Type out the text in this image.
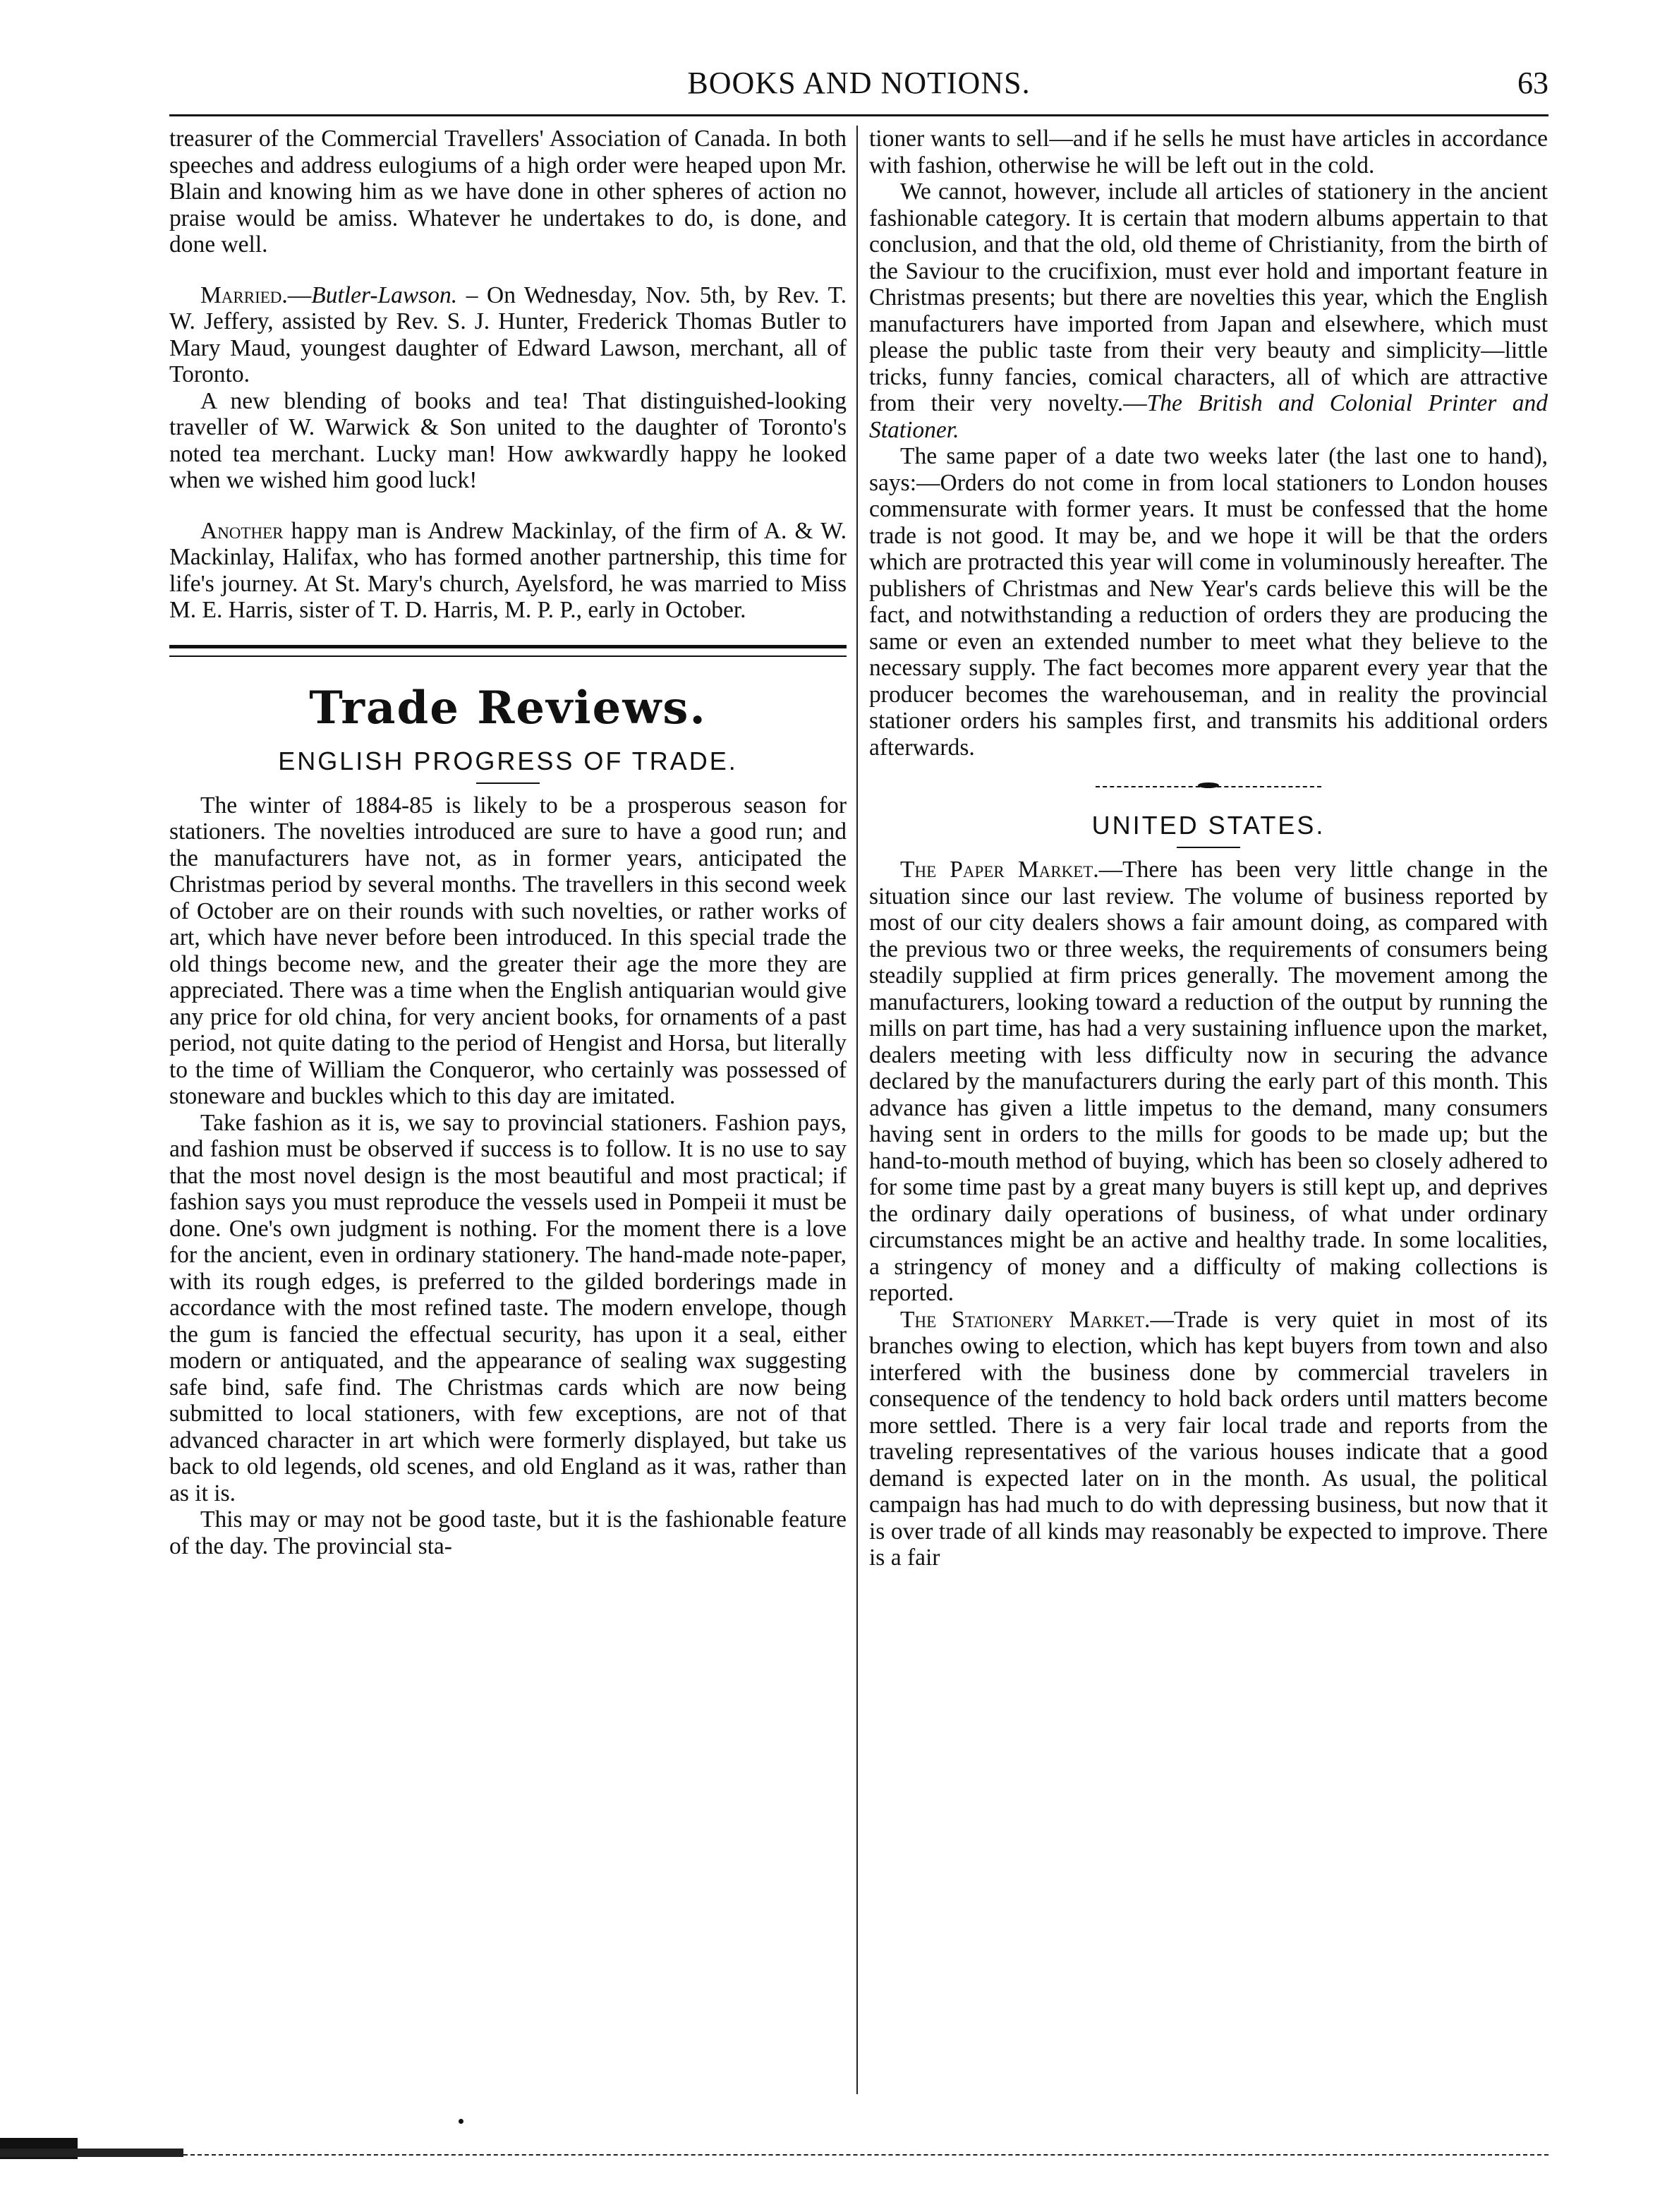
BOOKS AND NOTIONS.	63

treasurer of the Commercial Travellers' Association of Canada. In both speeches and address eulogiums of a high order were heaped upon Mr. Blain and knowing him as we have done in other spheres of action no praise would be amiss. Whatever he undertakes to do, is done, and done well.

Married.—Butler-Lawson. – On Wednesday, Nov. 5th, by Rev. T. W. Jeffery, assisted by Rev. S. J. Hunter, Frederick Thomas Butler to Mary Maud, youngest daughter of Edward Lawson, merchant, all of Toronto.

A new blending of books and tea! That distinguished-looking traveller of W. Warwick & Son united to the daughter of Toronto's noted tea merchant. Lucky man! How awkwardly happy he looked when we wished him good luck!

Another happy man is Andrew Mackinlay, of the firm of A. & W. Mackinlay, Halifax, who has formed another partnership, this time for life's journey. At St. Mary's church, Ayelsford, he was married to Miss M. E. Harris, sister of T. D. Harris, M. P. P., early in October.

Trade Reviews.
ENGLISH PROGRESS OF TRADE.

The winter of 1884-85 is likely to be a prosperous season for stationers. The novelties introduced are sure to have a good run; and the manufacturers have not, as in former years, anticipated the Christmas period by several months. The travellers in this second week of October are on their rounds with such novelties, or rather works of art, which have never before been introduced. In this special trade the old things become new, and the greater their age the more they are appreciated. There was a time when the English antiquarian would give any price for old china, for very ancient books, for ornaments of a past period, not quite dating to the period of Hengist and Horsa, but literally to the time of William the Conqueror, who certainly was possessed of stoneware and buckles which to this day are imitated.

Take fashion as it is, we say to provincial stationers. Fashion pays, and fashion must be observed if success is to follow. It is no use to say that the most novel design is the most beautiful and most practical; if fashion says you must reproduce the vessels used in Pompeii it must be done. One's own judgment is nothing. For the moment there is a love for the ancient, even in ordinary stationery. The hand-made note-paper, with its rough edges, is preferred to the gilded borderings made in accordance with the most refined taste. The modern envelope, though the gum is fancied the effectual security, has upon it a seal, either modern or antiquated, and the appearance of sealing wax suggesting safe bind, safe find. The Christmas cards which are now being submitted to local stationers, with few exceptions, are not of that advanced character in art which were formerly displayed, but take us back to old legends, old scenes, and old England as it was, rather than as it is.

This may or may not be good taste, but it is the fashionable feature of the day. The provincial sta-

tioner wants to sell—and if he sells he must have articles in accordance with fashion, otherwise he will be left out in the cold.

We cannot, however, include all articles of stationery in the ancient fashionable category. It is certain that modern albums appertain to that conclusion, and that the old, old theme of Christianity, from the birth of the Saviour to the crucifixion, must ever hold and important feature in Christmas presents; but there are novelties this year, which the English manufacturers have imported from Japan and elsewhere, which must please the public taste from their very beauty and simplicity—little tricks, funny fancies, comical characters, all of which are attractive from their very novelty.—The British and Colonial Printer and Stationer.

The same paper of a date two weeks later (the last one to hand), says:—Orders do not come in from local stationers to London houses commensurate with former years. It must be confessed that the home trade is not good. It may be, and we hope it will be that the orders which are protracted this year will come in voluminously hereafter. The publishers of Christmas and New Year's cards believe this will be the fact, and notwithstanding a reduction of orders they are producing the same or even an extended number to meet what they believe to the necessary supply. The fact becomes more apparent every year that the producer becomes the warehouseman, and in reality the provincial stationer orders his samples first, and transmits his additional orders afterwards.

UNITED STATES.

The Paper Market.—There has been very little change in the situation since our last review. The volume of business reported by most of our city dealers shows a fair amount doing, as compared with the previous two or three weeks, the requirements of consumers being steadily supplied at firm prices generally. The movement among the manufacturers, looking toward a reduction of the output by running the mills on part time, has had a very sustaining influence upon the market, dealers meeting with less difficulty now in securing the advance declared by the manufacturers during the early part of this month. This advance has given a little impetus to the demand, many consumers having sent in orders to the mills for goods to be made up; but the hand-to-mouth method of buying, which has been so closely adhered to for some time past by a great many buyers is still kept up, and deprives the ordinary daily operations of business, of what under ordinary circumstances might be an active and healthy trade. In some localities, a stringency of money and a difficulty of making collections is reported.

The Stationery Market.—Trade is very quiet in most of its branches owing to election, which has kept buyers from town and also interfered with the business done by commercial travelers in consequence of the tendency to hold back orders until matters become more settled. There is a very fair local trade and reports from the traveling representatives of the various houses indicate that a good demand is expected later on in the month. As usual, the political campaign has had much to do with depressing business, but now that it is over trade of all kinds may reasonably be expected to improve. There is a fair
